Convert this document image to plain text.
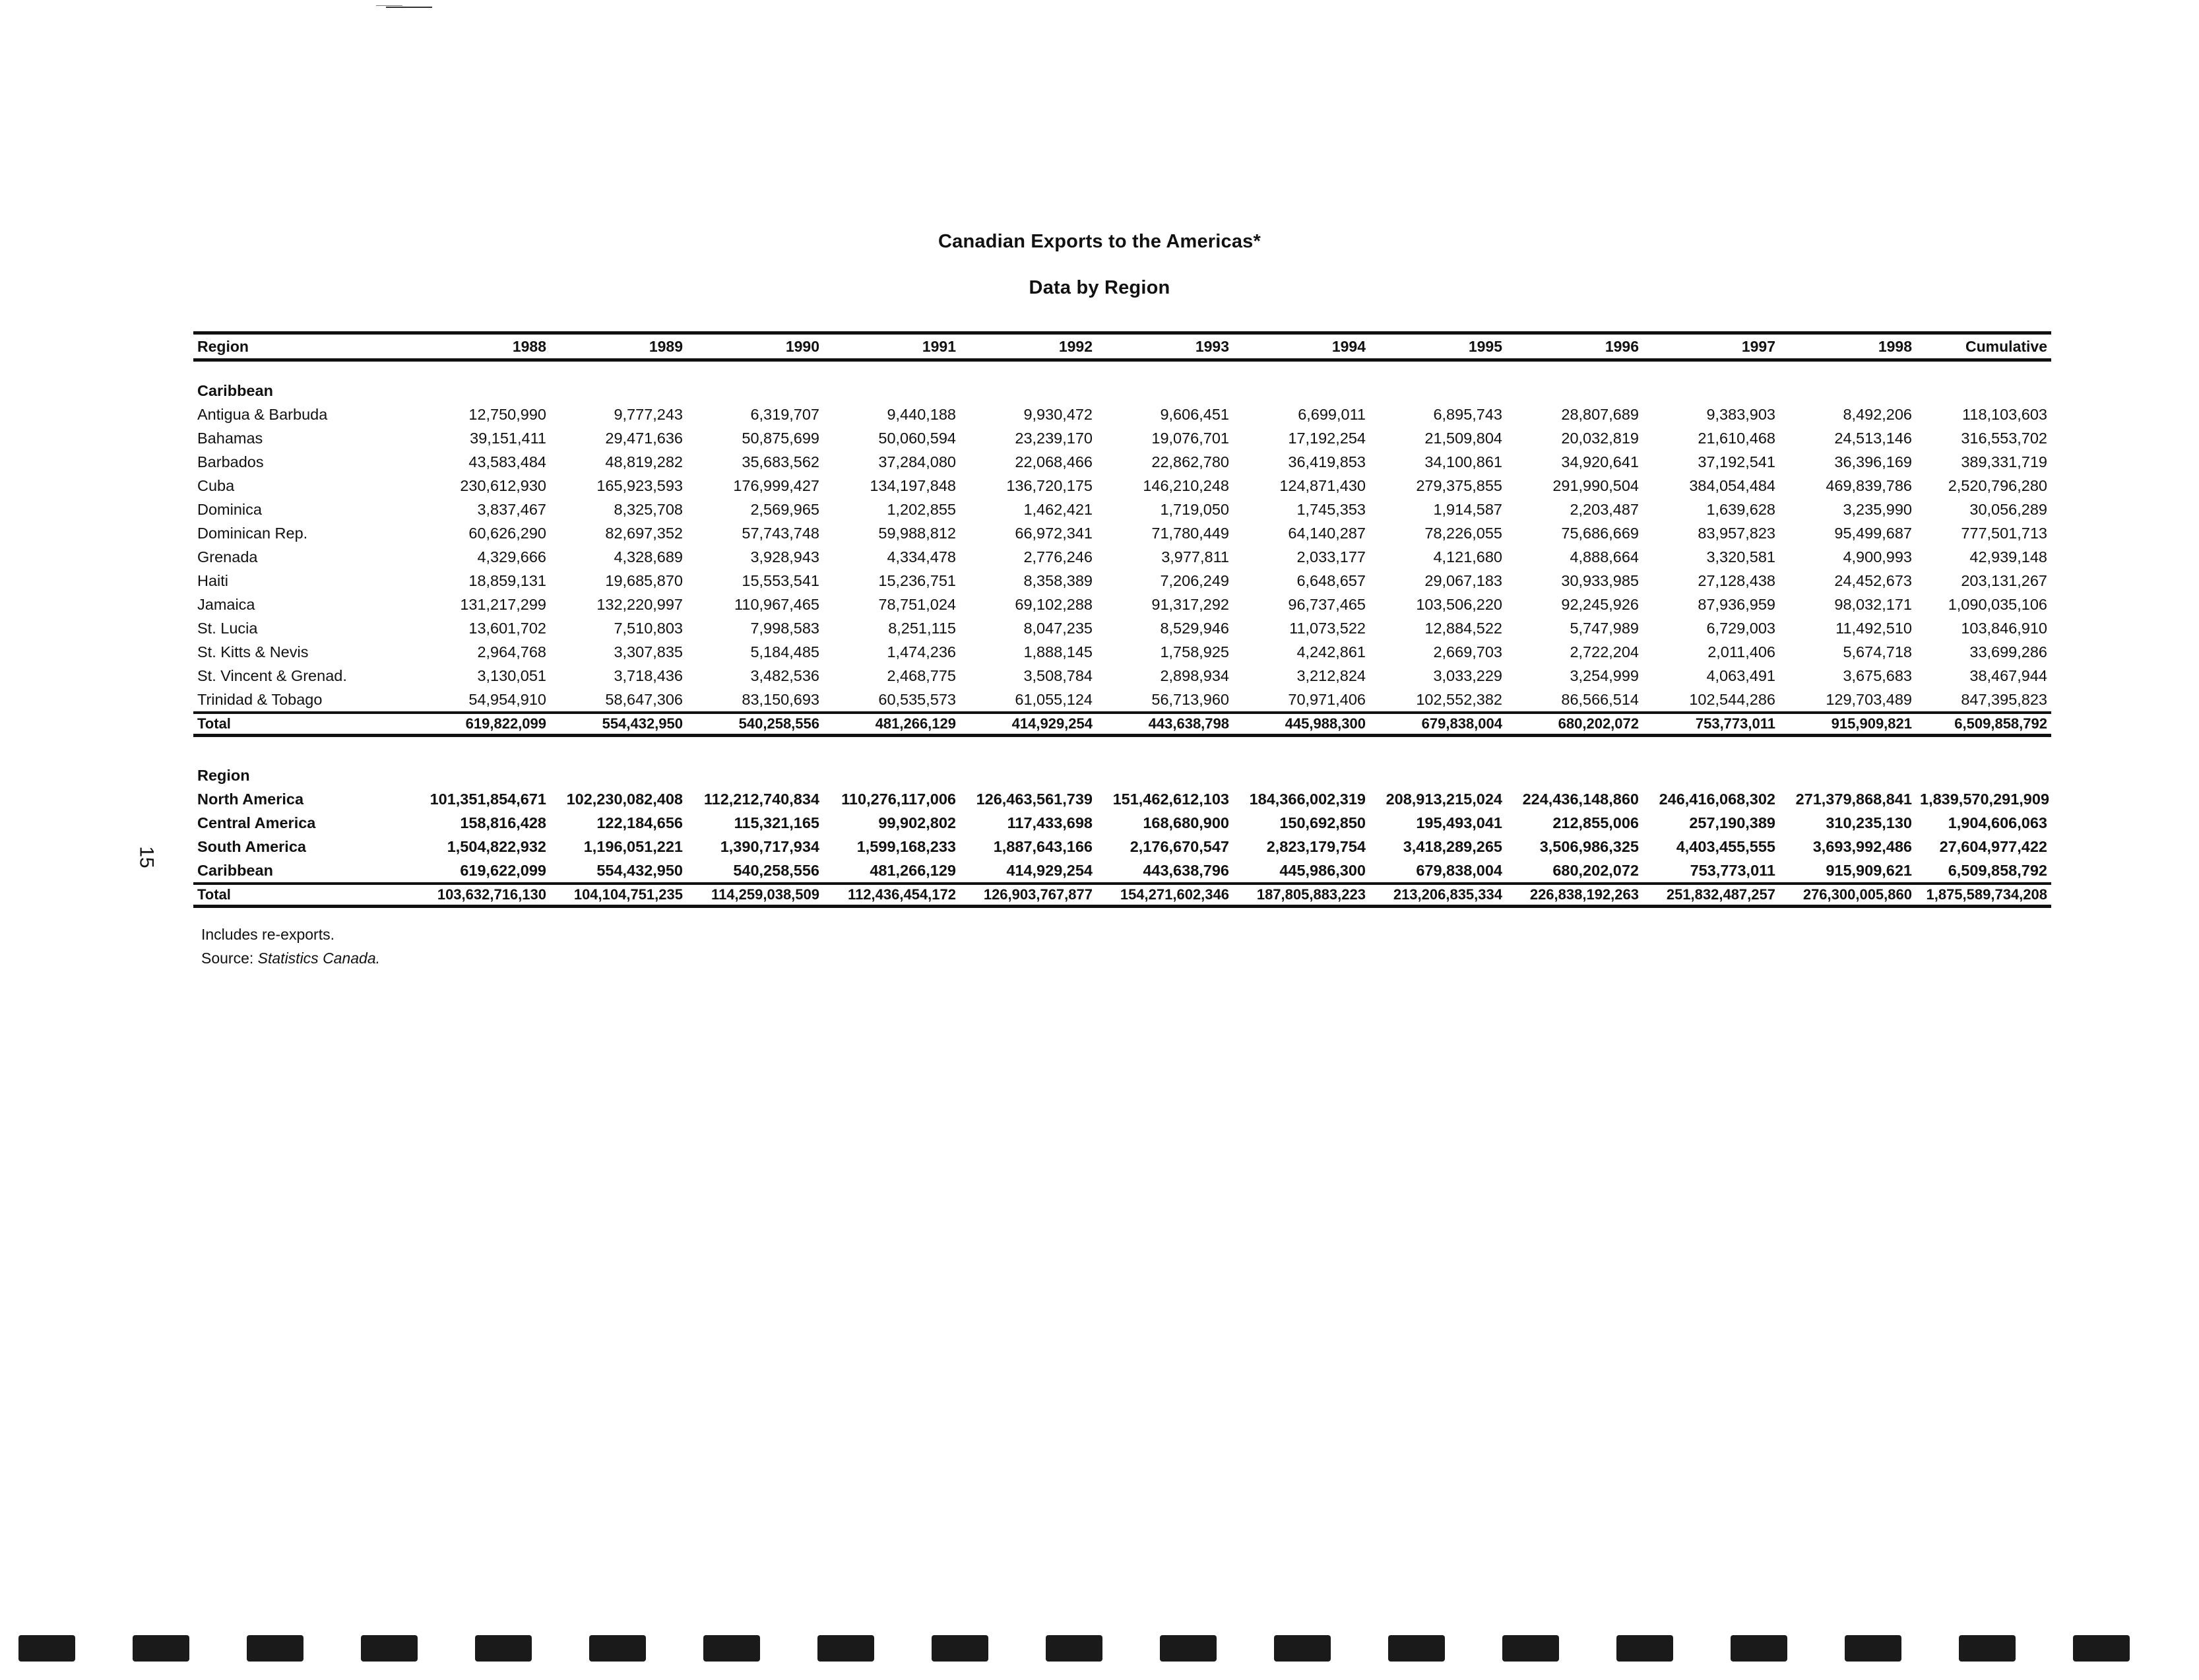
Canadian Exports to the Americas*
Data by Region
15
Region	1988	1989	1990	1991	1992	1993	1994	1995	1996	1997	1998	Cumulative

Caribbean												
Antigua & Barbuda	12,750,990	9,777,243	6,319,707	9,440,188	9,930,472	9,606,451	6,699,011	6,895,743	28,807,689	9,383,903	8,492,206	118,103,603
Bahamas	39,151,411	29,471,636	50,875,699	50,060,594	23,239,170	19,076,701	17,192,254	21,509,804	20,032,819	21,610,468	24,513,146	316,553,702
Barbados	43,583,484	48,819,282	35,683,562	37,284,080	22,068,466	22,862,780	36,419,853	34,100,861	34,920,641	37,192,541	36,396,169	389,331,719
Cuba	230,612,930	165,923,593	176,999,427	134,197,848	136,720,175	146,210,248	124,871,430	279,375,855	291,990,504	384,054,484	469,839,786	2,520,796,280
Dominica	3,837,467	8,325,708	2,569,965	1,202,855	1,462,421	1,719,050	1,745,353	1,914,587	2,203,487	1,639,628	3,235,990	30,056,289
Dominican Rep.	60,626,290	82,697,352	57,743,748	59,988,812	66,972,341	71,780,449	64,140,287	78,226,055	75,686,669	83,957,823	95,499,687	777,501,713
Grenada	4,329,666	4,328,689	3,928,943	4,334,478	2,776,246	3,977,811	2,033,177	4,121,680	4,888,664	3,320,581	4,900,993	42,939,148
Haiti	18,859,131	19,685,870	15,553,541	15,236,751	8,358,389	7,206,249	6,648,657	29,067,183	30,933,985	27,128,438	24,452,673	203,131,267
Jamaica	131,217,299	132,220,997	110,967,465	78,751,024	69,102,288	91,317,292	96,737,465	103,506,220	92,245,926	87,936,959	98,032,171	1,090,035,106
St. Lucia	13,601,702	7,510,803	7,998,583	8,251,115	8,047,235	8,529,946	11,073,522	12,884,522	5,747,989	6,729,003	11,492,510	103,846,910
St. Kitts & Nevis	2,964,768	3,307,835	5,184,485	1,474,236	1,888,145	1,758,925	4,242,861	2,669,703	2,722,204	2,011,406	5,674,718	33,699,286
St. Vincent & Grenad.	3,130,051	3,718,436	3,482,536	2,468,775	3,508,784	2,898,934	3,212,824	3,033,229	3,254,999	4,063,491	3,675,683	38,467,944
Trinidad & Tobago	54,954,910	58,647,306	83,150,693	60,535,573	61,055,124	56,713,960	70,971,406	102,552,382	86,566,514	102,544,286	129,703,489	847,395,823
Total	619,822,099	554,432,950	540,258,556	481,266,129	414,929,254	443,638,798	445,988,300	679,838,004	680,202,072	753,773,011	915,909,821	6,509,858,792

Region												
North America	101,351,854,671	102,230,082,408	112,212,740,834	110,276,117,006	126,463,561,739	151,462,612,103	184,366,002,319	208,913,215,024	224,436,148,860	246,416,068,302	271,379,868,841	1,839,570,291,909
Central America	158,816,428	122,184,656	115,321,165	99,902,802	117,433,698	168,680,900	150,692,850	195,493,041	212,855,006	257,190,389	310,235,130	1,904,606,063
South America	1,504,822,932	1,196,051,221	1,390,717,934	1,599,168,233	1,887,643,166	2,176,670,547	2,823,179,754	3,418,289,265	3,506,986,325	4,403,455,555	3,693,992,486	27,604,977,422
Caribbean	619,622,099	554,432,950	540,258,556	481,266,129	414,929,254	443,638,796	445,986,300	679,838,004	680,202,072	753,773,011	915,909,621	6,509,858,792
Total	103,632,716,130	104,104,751,235	114,259,038,509	112,436,454,172	126,903,767,877	154,271,602,346	187,805,883,223	213,206,835,334	226,838,192,263	251,832,487,257	276,300,005,860	1,875,589,734,208
Includes re-exports.
Source: Statistics Canada.
